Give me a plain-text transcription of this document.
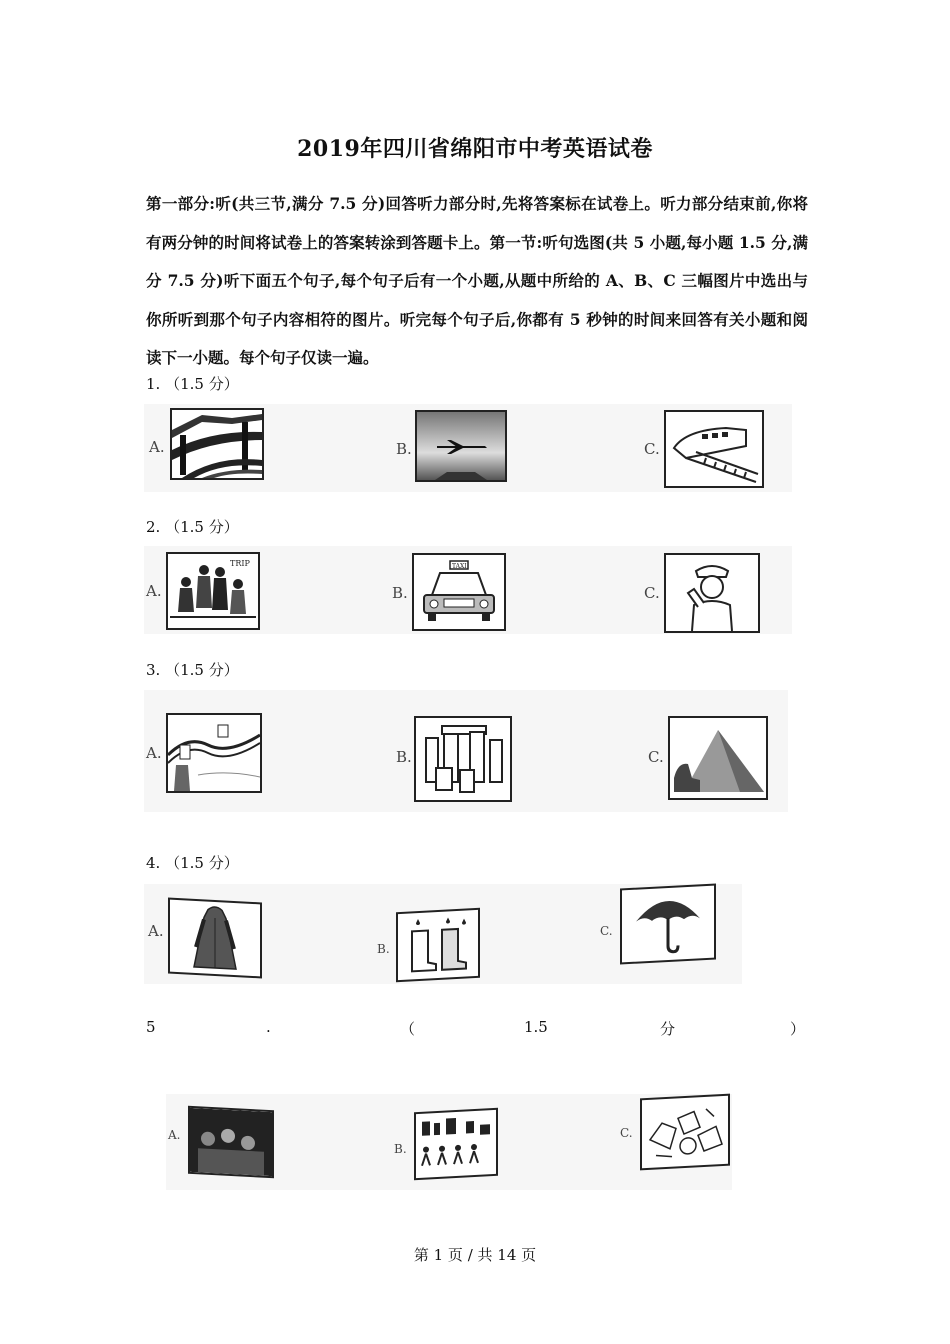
2019年四川省绵阳市中考英语试卷
第一部分:听(共三节,满分 7.5 分)回答听力部分时,先将答案标在试卷上。听力部分结束前,你将有两分钟的时间将试卷上的答案转涂到答题卡上。第一节:听句选图(共 5 小题,每小题 1.5 分,满分 7.5 分)听下面五个句子,每个句子后有一个小题,从题中所给的 A、B、C 三幅图片中选出与你所听到那个句子内容相符的图片。听完每个句子后,你都有 5 秒钟的时间来回答有关小题和阅读下一小题。每个句子仅读一遍。
1. （1.5 分）
A.	B.	C.
2. （1.5 分）
A.
TRIP
B.
TAXI
C.
3. （1.5 分）
A.	B.	C.
4. （1.5 分）
A.
B.
C.
5	.	（	1.5	分	）
A.
B.
C.
第 1 页 / 共 14 页
